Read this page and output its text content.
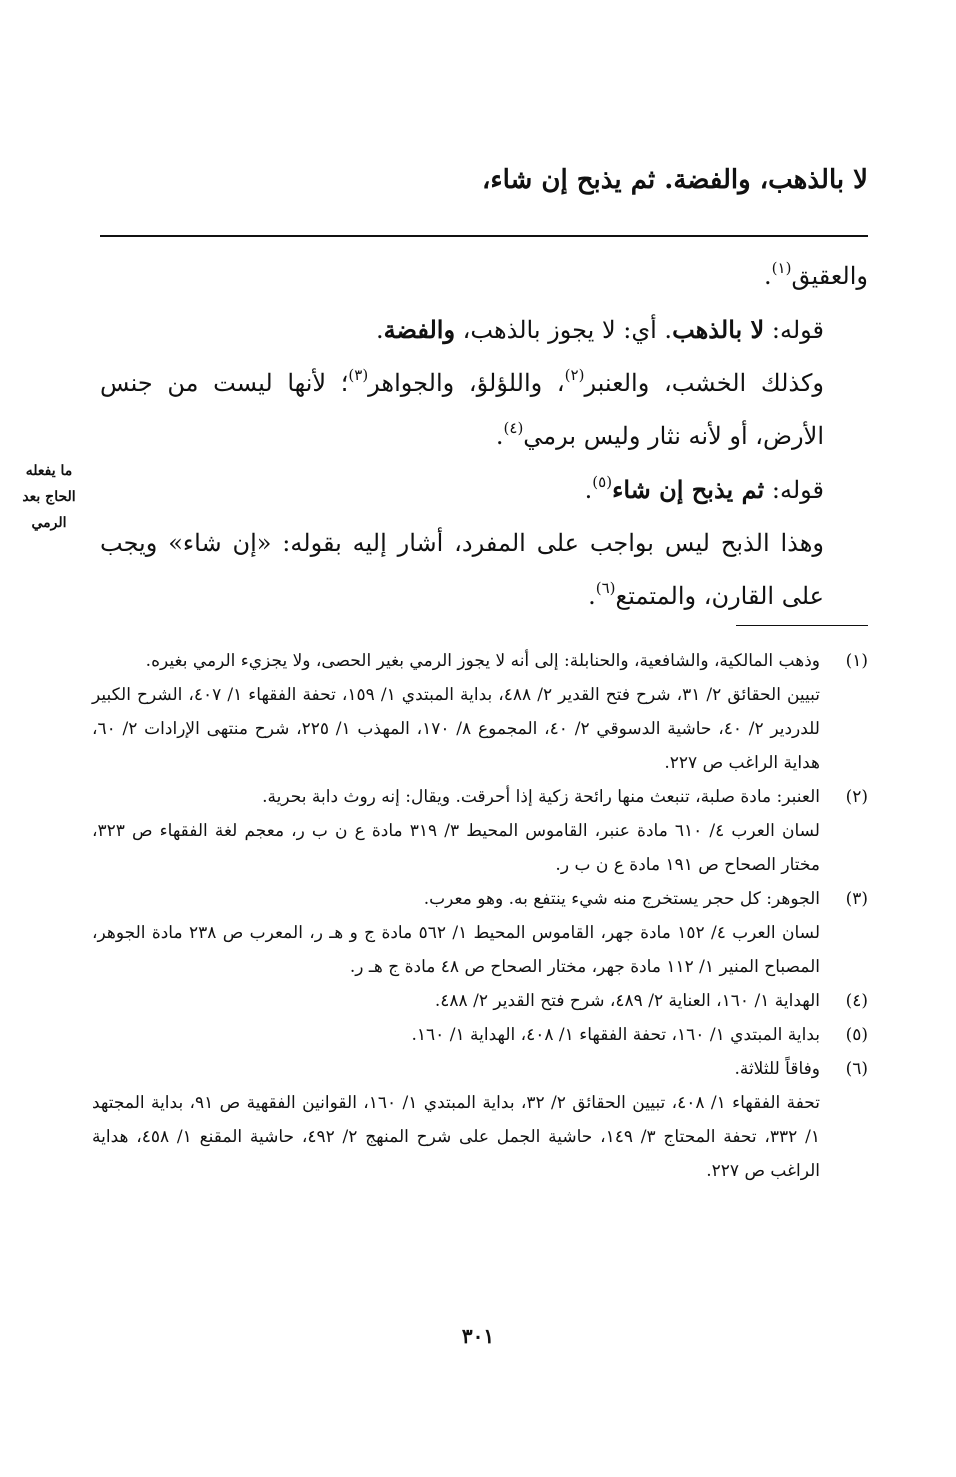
لا بالذهب، والفضة. ثم يذبح إن شاء،
ما يفعله
الحاج بعد
الرمي

والعقيق$^{(١)}$.

قوله: لا بالذهب. أي: لا يجوز بالذهب، والفضة.

وكذلك الخشب، والعنبر$^{(٢)}$، واللؤلؤ، والجواهر$^{(٣)}$؛ لأنها ليست من جنس الأرض، أو لأنه نثار وليس برمي$^{(٤)}$.

قوله: ثم يذبح إن شاء$^{(٥)}$.

وهذا الذبح ليس بواجب على المفرد، أشار إليه بقوله: «إن شاء» ويجب على القارن، والمتمتع$^{(٦)}$.

(١)
وذهب المالكية، والشافعية، والحنابلة: إلى أنه لا يجوز الرمي بغير الحصى، ولا يجزيء الرمي بغيره.
تبيين الحقائق ٢/ ٣١، شرح فتح القدير ٢/ ٤٨٨، بداية المبتدي ١/ ١٥٩، تحفة الفقهاء ١/ ٤٠٧، الشرح الكبير للدردير ٢/ ٤٠، حاشية الدسوقي ٢/ ٤٠، المجموع ٨/ ١٧٠، المهذب ١/ ٢٢٥، شرح منتهى الإرادات ٢/ ٦٠، هداية الراغب ص ٢٢٧.
(٢)
العنبر: مادة صلبة، تنبعث منها رائحة زكية إذا أحرقت. ويقال: إنه روث دابة بحرية.
لسان العرب ٤/ ٦١٠ مادة عنبر، القاموس المحيط ٣/ ٣١٩ مادة ع ن ب ر، معجم لغة الفقهاء ص ٣٢٣، مختار الصحاح ص ١٩١ مادة ع ن ب ر.
(٣)
الجوهر: كل حجر يستخرج منه شيء ينتفع به. وهو معرب.
لسان العرب ٤/ ١٥٢ مادة جهر، القاموس المحيط ١/ ٥٦٢ مادة ج و هـ ر، المعرب ص ٢٣٨ مادة الجوهر، المصباح المنير ١/ ١١٢ مادة جهر، مختار الصحاح ص ٤٨ مادة ج هـ ر.
(٤)
الهداية ١/ ١٦٠، العناية ٢/ ٤٨٩، شرح فتح القدير ٢/ ٤٨٨.
(٥)
بداية المبتدي ١/ ١٦٠، تحفة الفقهاء ١/ ٤٠٨، الهداية ١/ ١٦٠.
(٦)
وفاقاً للثلاثة.
تحفة الفقهاء ١/ ٤٠٨، تبيين الحقائق ٢/ ٣٢، بداية المبتدي ١/ ١٦٠، القوانين الفقهية ص ٩١، بداية المجتهد ١/ ٣٣٢، تحفة المحتاج ٣/ ١٤٩، حاشية الجمل على شرح المنهج ٢/ ٤٩٢، حاشية المقنع ١/ ٤٥٨، هداية الراغب ص ٢٢٧.
٣٠١
